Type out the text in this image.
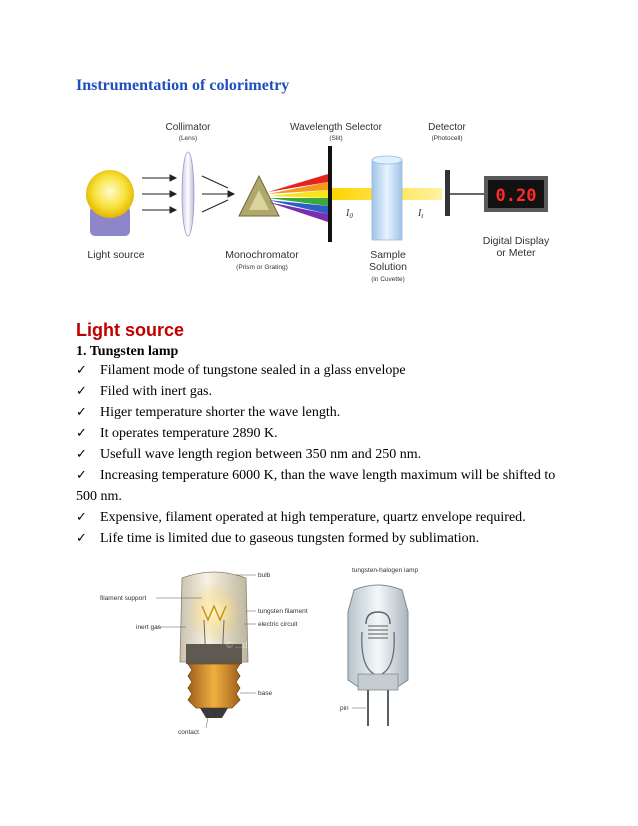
Instrumentation of colorimetry
Collimator
(Lens)
Wavelength Selector
(Slit)
Detector
(Photocell)
$I_0$	$I_t$
0.20
Light source	Monochromator
(Prism or Grating)
Sample
Solution
(in Cuvette)
Digital Display
or Meter
Light source
1. Tungsten lamp
✓ Filament mode of tungstone sealed in a glass envelope
✓ Filed with inert gas.
✓ Higer temperature shorter the wave length.
✓ It operates temperature 2890 K.
✓ Usefull wave length region between 350 nm and 250 nm.
✓ Increasing temperature 6000 K, than the wave length maximum will be shifted to 500 nm.
✓ Expensive, filament operated at high temperature, quartz envelope required.
✓ Life time is limited due to gaseous tungsten formed by sublimation.
bulb
filament support
tungsten filament
inert gas	electric circuit
base
contact
© ...dictionaryonline.com
tungsten-halogen lamp
pin
